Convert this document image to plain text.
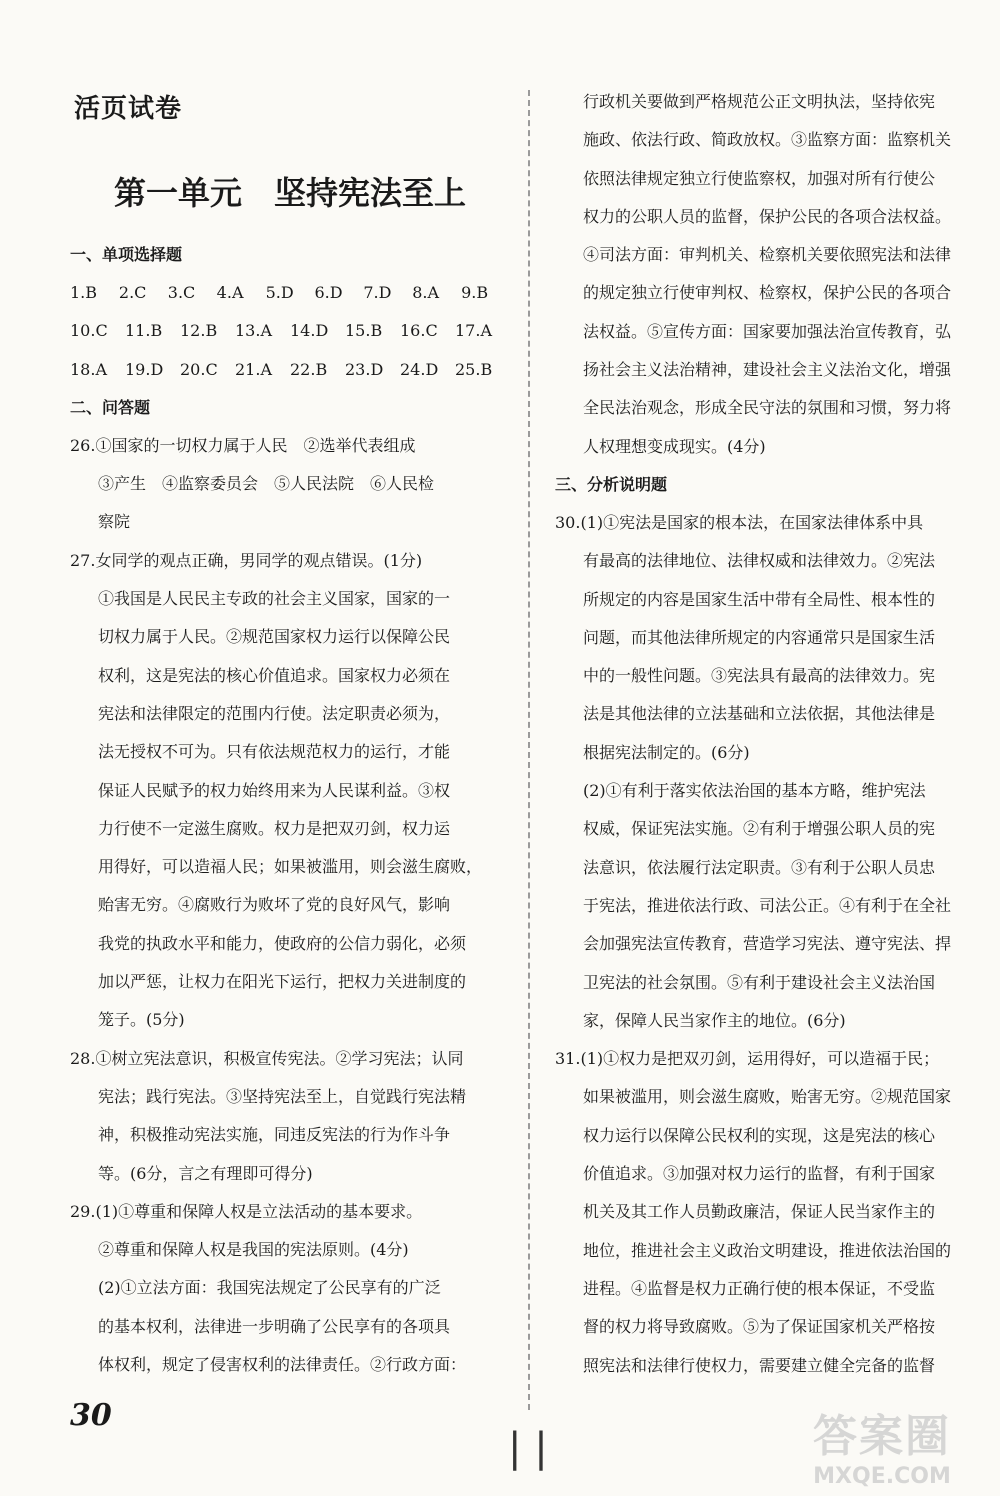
活页试卷
第一单元　坚持宪法至上
一、单项选择题
1.B	2.C	3.C	4.A	5.D	6.D	7.D	8.A	9.B
10.C	11.B	12.B	13.A	14.D	15.B	16.C	17.A
18.A	19.D	20.C	21.A	22.B	23.D	24.D	25.B
二、问答题
26.①国家的一切权力属于人民　②选举代表组成
③产生　④监察委员会　⑤人民法院　⑥人民检
察院
27.女同学的观点正确，男同学的观点错误。(1分)
①我国是人民民主专政的社会主义国家，国家的一
切权力属于人民。②规范国家权力运行以保障公民
权利，这是宪法的核心价值追求。国家权力必须在
宪法和法律限定的范围内行使。法定职责必须为，
法无授权不可为。只有依法规范权力的运行，才能
保证人民赋予的权力始终用来为人民谋利益。③权
力行使不一定滋生腐败。权力是把双刃剑，权力运
用得好，可以造福人民；如果被滥用，则会滋生腐败，
贻害无穷。④腐败行为败坏了党的良好风气，影响
我党的执政水平和能力，使政府的公信力弱化，必须
加以严惩，让权力在阳光下运行，把权力关进制度的
笼子。(5分)
28.①树立宪法意识，积极宣传宪法。②学习宪法；认同
宪法；践行宪法。③坚持宪法至上，自觉践行宪法精
神，积极推动宪法实施，同违反宪法的行为作斗争
等。(6分，言之有理即可得分)
29.(1)①尊重和保障人权是立法活动的基本要求。
②尊重和保障人权是我国的宪法原则。(4分)
(2)①立法方面：我国宪法规定了公民享有的广泛
的基本权利，法律进一步明确了公民享有的各项具
体权利，规定了侵害权利的法律责任。②行政方面：
行政机关要做到严格规范公正文明执法，坚持依宪
施政、依法行政、简政放权。③监察方面：监察机关
依照法律规定独立行使监察权，加强对所有行使公
权力的公职人员的监督，保护公民的各项合法权益。
④司法方面：审判机关、检察机关要依照宪法和法律
的规定独立行使审判权、检察权，保护公民的各项合
法权益。⑤宣传方面：国家要加强法治宣传教育，弘
扬社会主义法治精神，建设社会主义法治文化，增强
全民法治观念，形成全民守法的氛围和习惯，努力将
人权理想变成现实。(4分)
三、分析说明题
30.(1)①宪法是国家的根本法，在国家法律体系中具
有最高的法律地位、法律权威和法律效力。②宪法
所规定的内容是国家生活中带有全局性、根本性的
问题，而其他法律所规定的内容通常只是国家生活
中的一般性问题。③宪法具有最高的法律效力。宪
法是其他法律的立法基础和立法依据，其他法律是
根据宪法制定的。(6分)
(2)①有利于落实依法治国的基本方略，维护宪法
权威，保证宪法实施。②有利于增强公职人员的宪
法意识，依法履行法定职责。③有利于公职人员忠
于宪法，推进依法行政、司法公正。④有利于在全社
会加强宪法宣传教育，营造学习宪法、遵守宪法、捍
卫宪法的社会氛围。⑤有利于建设社会主义法治国
家，保障人民当家作主的地位。(6分)
31.(1)①权力是把双刃剑，运用得好，可以造福于民；
如果被滥用，则会滋生腐败，贻害无穷。②规范国家
权力运行以保障公民权利的实现，这是宪法的核心
价值追求。③加强对权力运行的监督，有利于国家
机关及其工作人员勤政廉洁，保证人民当家作主的
地位，推进社会主义政治文明建设，推进依法治国的
进程。④监督是权力正确行使的根本保证，不受监
督的权力将导致腐败。⑤为了保证国家机关严格按
照宪法和法律行使权力，需要建立健全完备的监督
30
| |	答案圈
MXQE.COM
